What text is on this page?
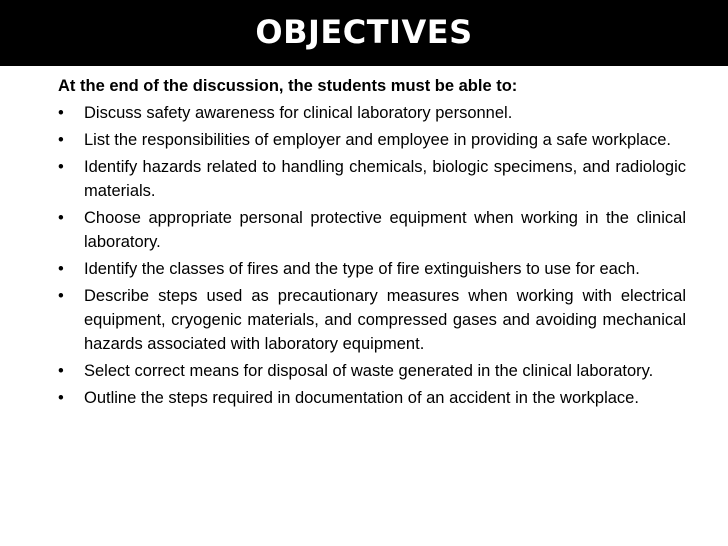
OBJECTIVES

At the end of the discussion, the students must be able to:

•	Discuss safety awareness for clinical laboratory personnel.
•	List the responsibilities of employer and employee in providing a safe workplace.
•	Identify hazards related to handling chemicals, biologic specimens, and radiologic materials.
•	Choose appropriate personal protective equipment when working in the clinical laboratory.
•	Identify the classes of fires and the type of fire extinguishers to use for each.
•	Describe steps used as precautionary measures when working with electrical equipment, cryogenic materials, and compressed gases and avoiding mechanical hazards associated with laboratory equipment.
•	Select correct means for disposal of waste generated in the clinical laboratory.
•	Outline the steps required in documentation of an accident in the workplace.
